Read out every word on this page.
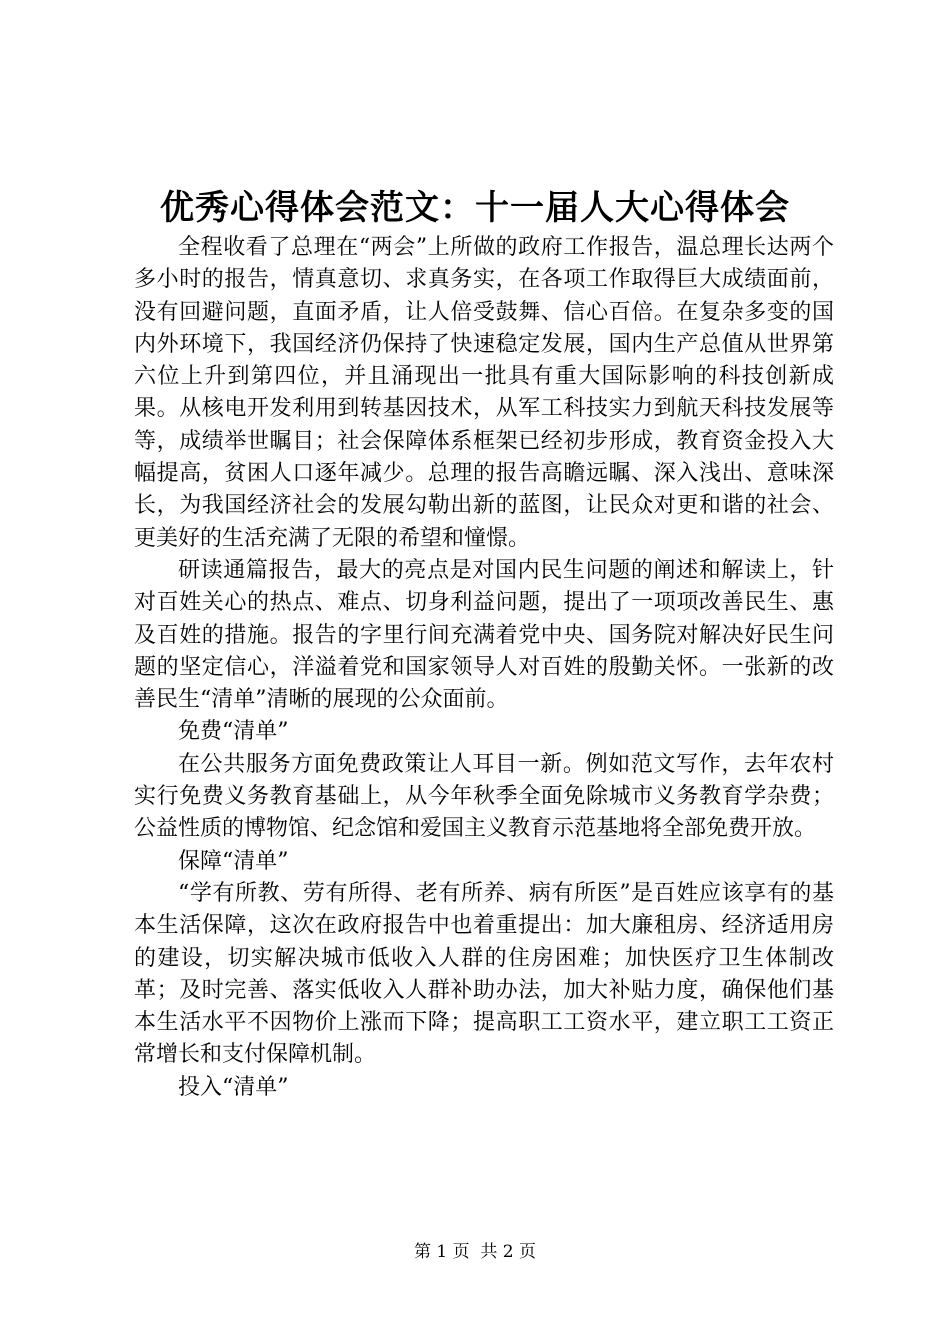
优秀心得体会范文：十一届人大心得体会

全程收看了总理在“两会”上所做的政府工作报告，温总理长达两个多小时的报告，情真意切、求真务实，在各项工作取得巨大成绩面前，没有回避问题，直面矛盾，让人倍受鼓舞、信心百倍。在复杂多变的国内外环境下，我国经济仍保持了快速稳定发展，国内生产总值从世界第六位上升到第四位，并且涌现出一批具有重大国际影响的科技创新成果。从核电开发利用到转基因技术，从军工科技实力到航天科技发展等等，成绩举世瞩目；社会保障体系框架已经初步形成，教育资金投入大幅提高，贫困人口逐年减少。总理的报告高瞻远瞩、深入浅出、意味深长，为我国经济社会的发展勾勒出新的蓝图，让民众对更和谐的社会、更美好的生活充满了无限的希望和憧憬。

研读通篇报告，最大的亮点是对国内民生问题的阐述和解读上，针对百姓关心的热点、难点、切身利益问题，提出了一项项改善民生、惠及百姓的措施。报告的字里行间充满着党中央、国务院对解决好民生问题的坚定信心，洋溢着党和国家领导人对百姓的殷勤关怀。一张新的改善民生“清单”清晰的展现的公众面前。

免费“清单”

在公共服务方面免费政策让人耳目一新。例如范文写作，去年农村实行免费义务教育基础上，从今年秋季全面免除城市义务教育学杂费；公益性质的博物馆、纪念馆和爱国主义教育示范基地将全部免费开放。

保障“清单”

“学有所教、劳有所得、老有所养、病有所医”是百姓应该享有的基本生活保障，这次在政府报告中也着重提出：加大廉租房、经济适用房的建设，切实解决城市低收入人群的住房困难；加快医疗卫生体制改革；及时完善、落实低收入人群补助办法，加大补贴力度，确保他们基本生活水平不因物价上涨而下降；提高职工工资水平，建立职工工资正常增长和支付保障机制。

投入“清单”

第 1 页  共 2 页
